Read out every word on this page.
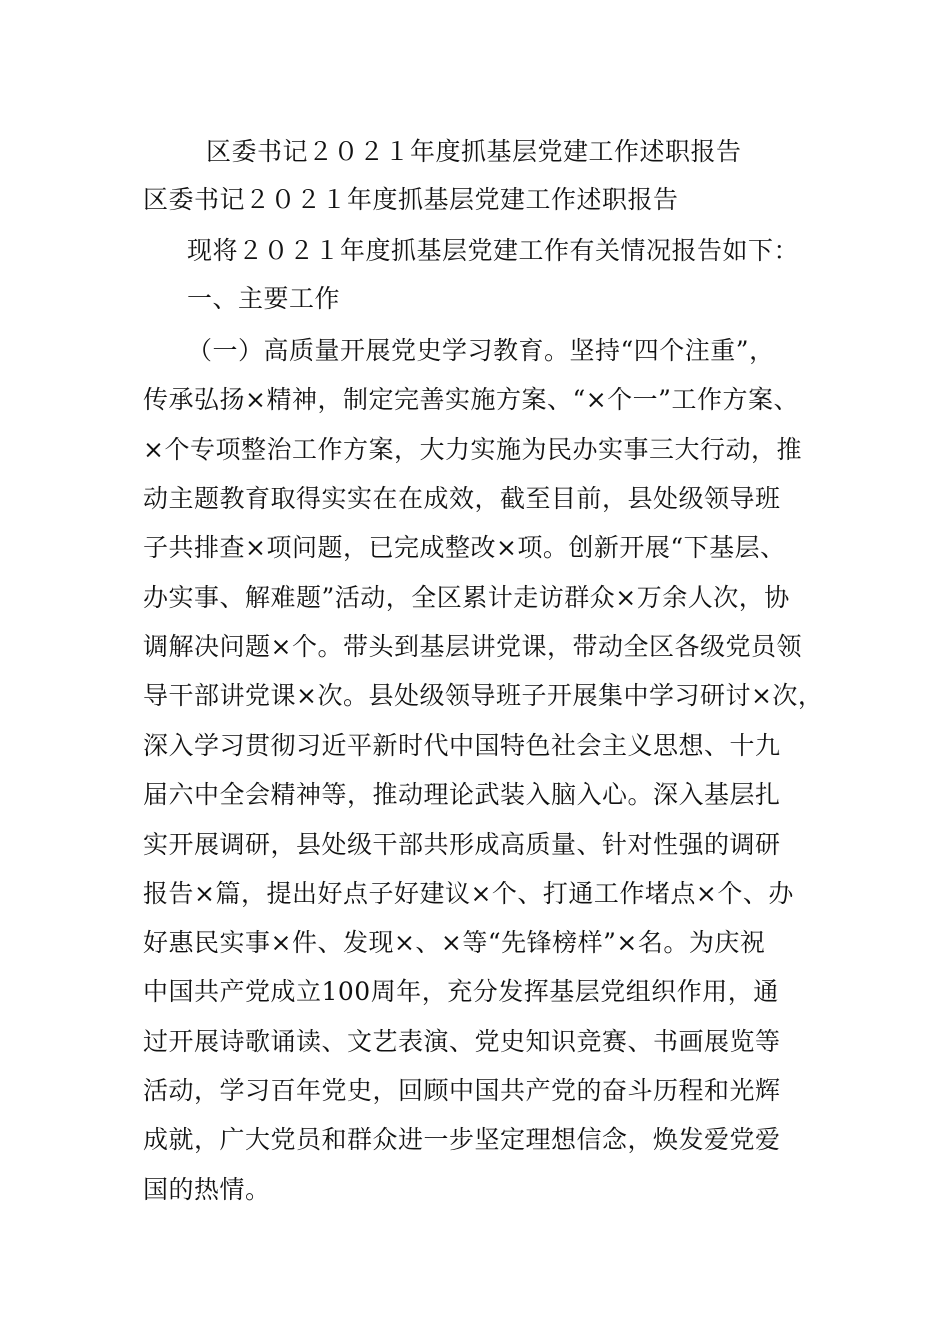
区委书记２０２１年度抓基层党建工作述职报告

区委书记２０２１年度抓基层党建工作述职报告

现将２０２１年度抓基层党建工作有关情况报告如下：

一、主要工作

（一）高质量开展党史学习教育。坚持“四个注重”，

传承弘扬×精神，制定完善实施方案、“×个一”工作方案、

×个专项整治工作方案，大力实施为民办实事三大行动，推

动主题教育取得实实在在成效，截至目前，县处级领导班

子共排查×项问题，已完成整改×项。创新开展“下基层、

办实事、解难题”活动，全区累计走访群众×万余人次，协

调解决问题×个。带头到基层讲党课，带动全区各级党员领

导干部讲党课×次。县处级领导班子开展集中学习研讨×次，

深入学习贯彻习近平新时代中国特色社会主义思想、十九

届六中全会精神等，推动理论武装入脑入心。深入基层扎

实开展调研，县处级干部共形成高质量、针对性强的调研

报告×篇，提出好点子好建议×个、打通工作堵点×个、办

好惠民实事×件、发现×、×等“先锋榜样”×名。为庆祝

中国共产党成立100周年，充分发挥基层党组织作用，通

过开展诗歌诵读、文艺表演、党史知识竞赛、书画展览等

活动，学习百年党史，回顾中国共产党的奋斗历程和光辉

成就，广大党员和群众进一步坚定理想信念，焕发爱党爱

国的热情。
